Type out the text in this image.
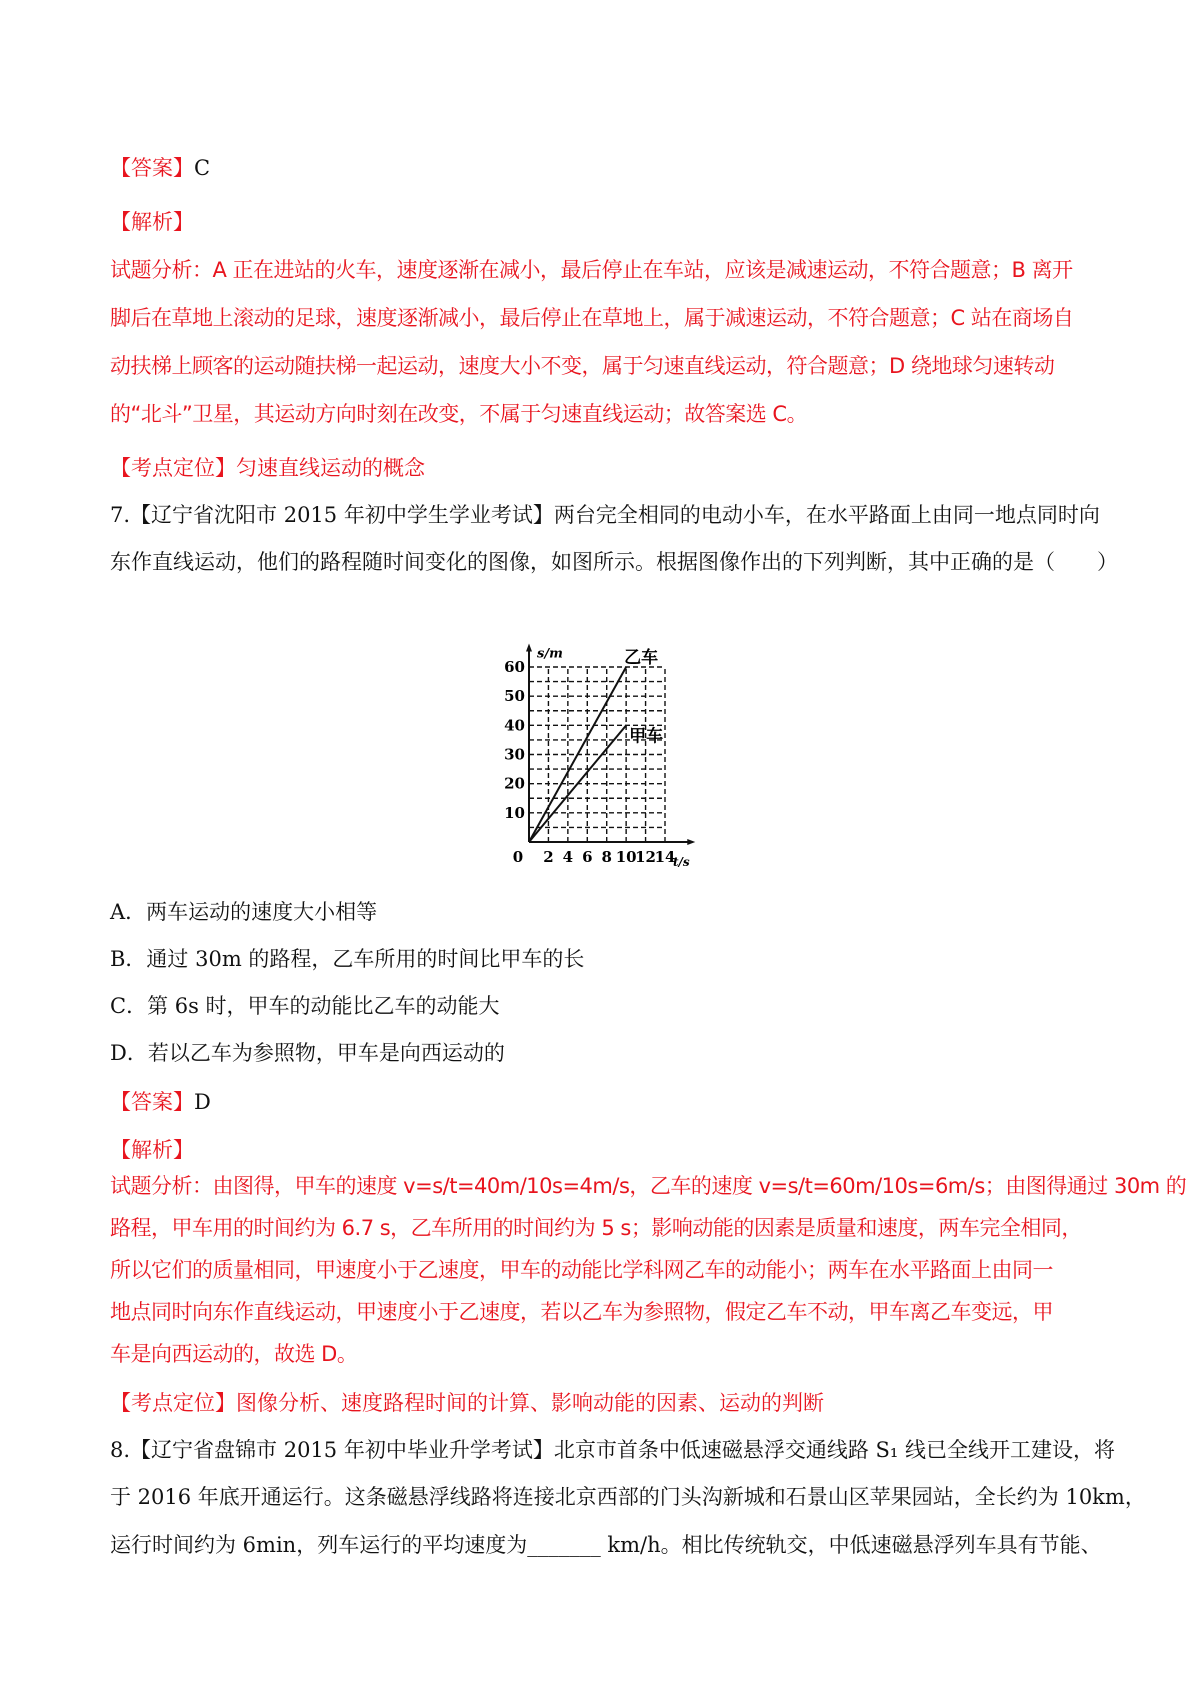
【答案】C
【解析】
试题分析：A 正在进站的火车，速度逐渐在减小，最后停止在车站，应该是减速运动，不符合题意；B 离开
脚后在草地上滚动的足球，速度逐渐减小，最后停止在草地上，属于减速运动，不符合题意；C 站在商场自
动扶梯上顾客的运动随扶梯一起运动，速度大小不变，属于匀速直线运动，符合题意；D 绕地球匀速转动
的“北斗”卫星，其运动方向时刻在改变，不属于匀速直线运动；故答案选 C。
【考点定位】匀速直线运动的概念
7.【辽宁省沈阳市 2015 年初中学生学业考试】两台完全相同的电动小车，在水平路面上由同一地点同时向
东作直线运动，他们的路程随时间变化的图像，如图所示。根据图像作出的下列判断，其中正确的是（　　）
乙车
甲车
0 2 4 6 8 10
12
14
10
20
30
40
50
60
t/s
s/m
A．两车运动的速度大小相等
B．通过 30m 的路程，乙车所用的时间比甲车的长
C．第 6s 时，甲车的动能比乙车的动能大
D．若以乙车为参照物，甲车是向西运动的
【答案】D
【解析】
试题分析：由图得，甲车的速度 v=s/t=40m/10s=4m/s，乙车的速度 v=s/t=60m/10s=6m/s；由图得通过 30m 的
路程，甲车用的时间约为 6.7 s，乙车所用的时间约为 5 s；影响动能的因素是质量和速度，两车完全相同，
所以它们的质量相同，甲速度小于乙速度，甲车的动能比学科网乙车的动能小；两车在水平路面上由同一
地点同时向东作直线运动，甲速度小于乙速度，若以乙车为参照物，假定乙车不动，甲车离乙车变远，甲
车是向西运动的，故选 D。
【考点定位】图像分析、速度路程时间的计算、影响动能的因素、运动的判断
8.【辽宁省盘锦市 2015 年初中毕业升学考试】北京市首条中低速磁悬浮交通线路 S₁ 线已全线开工建设，将
于 2016 年底开通运行。这条磁悬浮线路将连接北京西部的门头沟新城和石景山区苹果园站，全长约为 10km，
运行时间约为 6min，列车运行的平均速度为_______ km/h。相比传统轨交，中低速磁悬浮列车具有节能、
